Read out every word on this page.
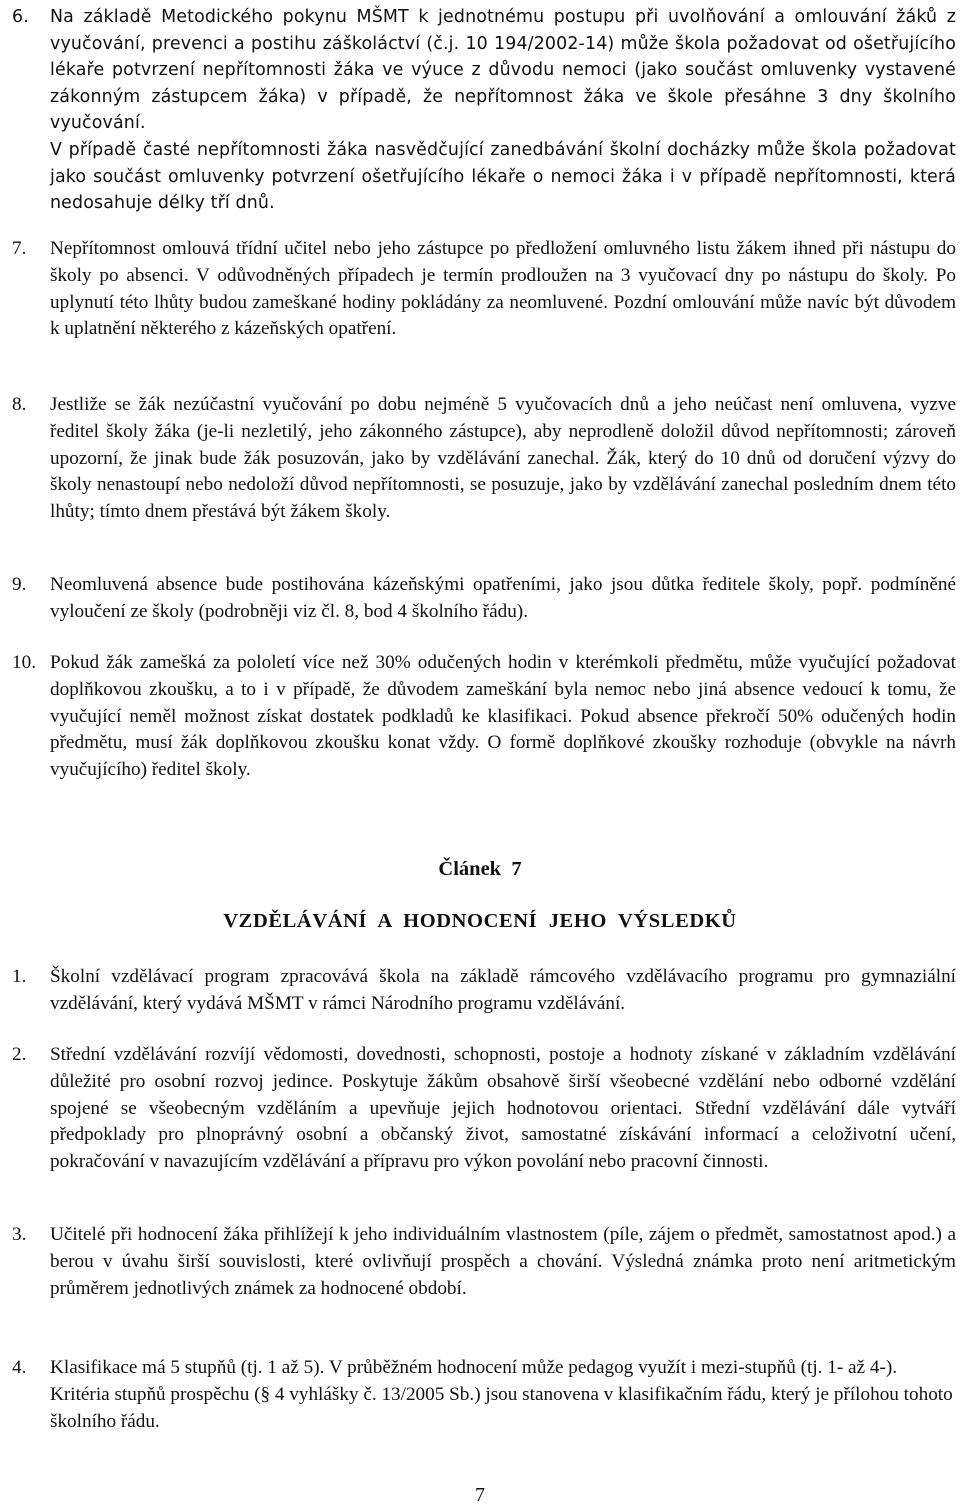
6. Na základě Metodického pokynu MŠMT k jednotnému postupu při uvolňování a omlouvání žáků z vyučování, prevenci a postihu záškoláctví (č.j. 10 194/2002-14) může škola požadovat od ošetřujícího lékaře potvrzení nepřítomnosti žáka ve výuce z důvodu nemoci (jako součást omluvenky vystavené zákonným zástupcem žáka) v případě, že nepřítomnost žáka ve škole přesáhne 3 dny školního vyučování.

V případě časté nepřítomnosti žáka nasvědčující zanedbávání školní docházky může škola požadovat jako součást omluvenky potvrzení ošetřujícího lékaře o nemoci žáka i v případě nepřítomnosti, která nedosahuje délky tří dnů.

7. Nepřítomnost omlouvá třídní učitel nebo jeho zástupce po předložení omluvného listu žákem ihned při nástupu do školy po absenci. V odůvodněných případech je termín prodloužen na 3 vyučovací dny po nástupu do školy. Po uplynutí této lhůty budou zameškané hodiny pokládány za neomluvené. Pozdní omlouvání může navíc být důvodem k uplatnění některého z kázeňských opatření.

8. Jestliže se žák nezúčastní vyučování po dobu nejméně 5 vyučovacích dnů a jeho neúčast není omluvena, vyzve ředitel školy žáka (je-li nezletilý, jeho zákonného zástupce), aby neprodleně doložil důvod nepřítomnosti; zároveň upozorní, že jinak bude žák posuzován, jako by vzdělávání zanechal. Žák, který do 10 dnů od doručení výzvy do školy nenastoupí nebo nedoloží důvod nepřítomnosti, se posuzuje, jako by vzdělávání zanechal posledním dnem této lhůty; tímto dnem přestává být žákem školy.

9. Neomluvená absence bude postihována kázeňskými opatřeními, jako jsou důtka ředitele školy, popř. podmíněné vyloučení ze školy (podrobněji viz čl. 8, bod 4 školního řádu).

10. Pokud žák zamešká za pololetí více než 30% odučených hodin v kterémkoli předmětu, může vyučující požadovat doplňkovou zkoušku, a to i v případě, že důvodem zameškání byla nemoc nebo jiná absence vedoucí k tomu, že vyučující neměl možnost získat dostatek podkladů ke klasifikaci. Pokud absence překročí 50% odučených hodin předmětu, musí žák doplňkovou zkoušku konat vždy. O formě doplňkové zkoušky rozhoduje (obvykle na návrh vyučujícího) ředitel školy.

Článek  7
VZDĚLÁVÁNÍ  A  HODNOCENÍ  JEHO  VÝSLEDKŮ
1. Školní vzdělávací program zpracovává škola na základě rámcového vzdělávacího programu pro gymnaziální vzdělávání, který vydává MŠMT v rámci Národního programu vzdělávání.

2. Střední vzdělávání rozvíjí vědomosti, dovednosti, schopnosti, postoje a hodnoty získané v základním vzdělávání důležité pro osobní rozvoj jedince. Poskytuje žákům obsahově širší všeobecné vzdělání nebo odborné vzdělání spojené se všeobecným vzděláním a upevňuje jejich hodnotovou orientaci. Střední vzdělávání dále vytváří předpoklady pro plnoprávný osobní a občanský život, samostatné získávání informací a celoživotní učení, pokračování v navazujícím vzdělávání a přípravu pro výkon povolání nebo pracovní činnosti.

3. Učitelé při hodnocení žáka přihlížejí k jeho individuálním vlastnostem (píle, zájem o předmět, samostatnost apod.) a berou v úvahu širší souvislosti, které ovlivňují prospěch a chování. Výsledná známka proto není aritmetickým průměrem jednotlivých známek za hodnocené období.

4. Klasifikace má 5 stupňů (tj. 1 až 5). V průběžném hodnocení může pedagog využít i mezi-stupňů (tj. 1- až 4-).

Kritéria stupňů prospěchu (§ 4 vyhlášky č. 13/2005 Sb.) jsou stanovena v klasifikačním řádu, který je přílohou tohoto školního řádu.

7
